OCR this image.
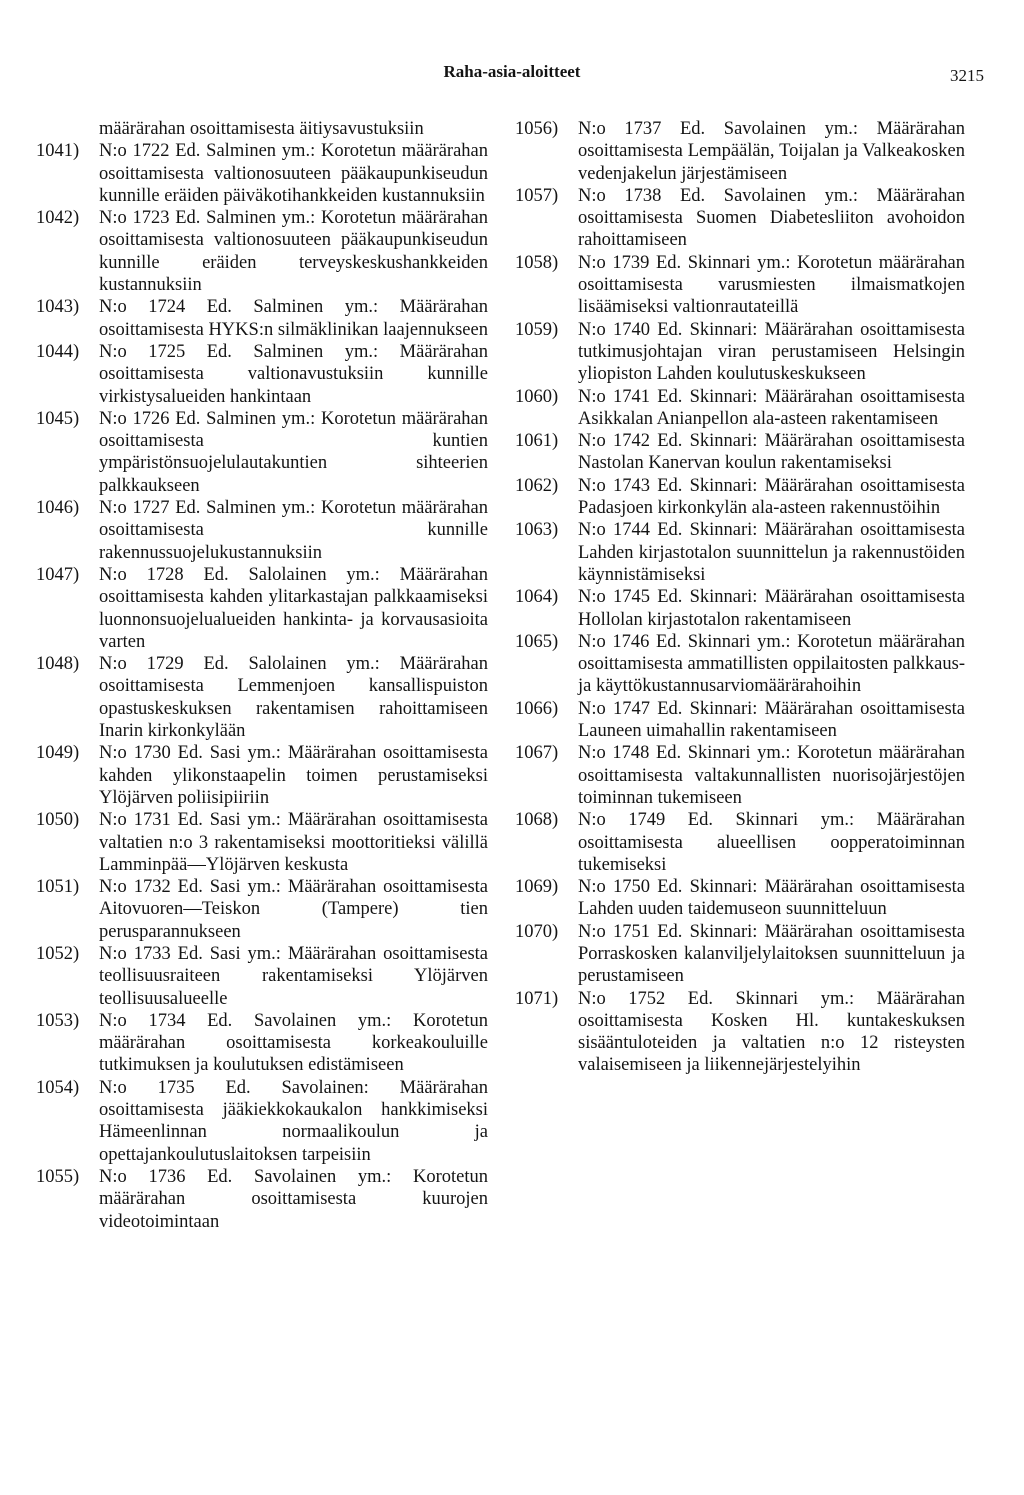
Raha-asia-aloitteet	3215
määrärahan osoittamisesta äitiysavustuksiin
1041)	N:o 1722 Ed. Salminen ym.: Korotetun määrärahan osoittamisesta valtionosuuteen pääkaupunkiseudun kunnille eräiden päiväkotihankkeiden kustannuksiin
1042)	N:o 1723 Ed. Salminen ym.: Korotetun määrärahan osoittamisesta valtionosuuteen pääkaupunkiseudun kunnille eräiden terveyskeskushankkeiden kustannuksiin
1043)	N:o 1724 Ed. Salminen ym.: Määrärahan osoittamisesta HYKS:n silmäklinikan laajennukseen
1044)	N:o 1725 Ed. Salminen ym.: Määrärahan osoittamisesta valtionavustuksiin kunnille virkistysalueiden hankintaan
1045)	N:o 1726 Ed. Salminen ym.: Korotetun määrärahan osoittamisesta kuntien ympäristönsuojelulautakuntien sihteerien palkkaukseen
1046)	N:o 1727 Ed. Salminen ym.: Korotetun määrärahan osoittamisesta kunnille rakennussuojelukustannuksiin
1047)	N:o 1728 Ed. Salolainen ym.: Määrärahan osoittamisesta kahden ylitarkastajan palkkaamiseksi luonnonsuojelualueiden hankinta- ja korvausasioita varten
1048)	N:o 1729 Ed. Salolainen ym.: Määrärahan osoittamisesta Lemmenjoen kansallispuiston opastuskeskuksen rakentamisen rahoittamiseen Inarin kirkonkylään
1049)	N:o 1730 Ed. Sasi ym.: Määrärahan osoittamisesta kahden ylikonstaapelin toimen perustamiseksi Ylöjärven poliisipiiriin
1050)	N:o 1731 Ed. Sasi ym.: Määrärahan osoittamisesta valtatien n:o 3 rakentamiseksi moottoritieksi välillä Lamminpää—Ylöjärven keskusta
1051)	N:o 1732 Ed. Sasi ym.: Määrärahan osoittamisesta Aitovuoren—Teiskon (Tampere) tien perusparannukseen
1052)	N:o 1733 Ed. Sasi ym.: Määrärahan osoittamisesta teollisuusraiteen rakentamiseksi Ylöjärven teollisuusalueelle
1053)	N:o 1734 Ed. Savolainen ym.: Korotetun määrärahan osoittamisesta korkeakouluille tutkimuksen ja koulutuksen edistämiseen
1054)	N:o 1735 Ed. Savolainen: Määrärahan osoittamisesta jääkiekkokaukalon hankkimiseksi Hämeenlinnan normaalikoulun ja opettajankoulutuslaitoksen tarpeisiin
1055)	N:o 1736 Ed. Savolainen ym.: Korotetun määrärahan osoittamisesta kuurojen videotoimintaan
1056)	N:o 1737 Ed. Savolainen ym.: Määrärahan osoittamisesta Lempäälän, Toijalan ja Valkeakosken vedenjakelun järjestämiseen
1057)	N:o 1738 Ed. Savolainen ym.: Määrärahan osoittamisesta Suomen Diabetesliiton avohoidon rahoittamiseen
1058)	N:o 1739 Ed. Skinnari ym.: Korotetun määrärahan osoittamisesta varusmiesten ilmaismatkojen lisäämiseksi valtionrautateillä
1059)	N:o 1740 Ed. Skinnari: Määrärahan osoittamisesta tutkimusjohtajan viran perustamiseen Helsingin yliopiston Lahden koulutuskeskukseen
1060)	N:o 1741 Ed. Skinnari: Määrärahan osoittamisesta Asikkalan Anianpellon ala-asteen rakentamiseen
1061)	N:o 1742 Ed. Skinnari: Määrärahan osoittamisesta Nastolan Kanervan koulun rakentamiseksi
1062)	N:o 1743 Ed. Skinnari: Määrärahan osoittamisesta Padasjoen kirkonkylän ala-asteen rakennustöihin
1063)	N:o 1744 Ed. Skinnari: Määrärahan osoittamisesta Lahden kirjastotalon suunnittelun ja rakennustöiden käynnistämiseksi
1064)	N:o 1745 Ed. Skinnari: Määrärahan osoittamisesta Hollolan kirjastotalon rakentamiseen
1065)	N:o 1746 Ed. Skinnari ym.: Korotetun määrärahan osoittamisesta ammatillisten oppilaitosten palkkaus- ja käyttökustannusarviomäärärahoihin
1066)	N:o 1747 Ed. Skinnari: Määrärahan osoittamisesta Launeen uimahallin rakentamiseen
1067)	N:o 1748 Ed. Skinnari ym.: Korotetun määrärahan osoittamisesta valtakunnallisten nuorisojärjestöjen toiminnan tukemiseen
1068)	N:o 1749 Ed. Skinnari ym.: Määrärahan osoittamisesta alueellisen oopperatoiminnan tukemiseksi
1069)	N:o 1750 Ed. Skinnari: Määrärahan osoittamisesta Lahden uuden taidemuseon suunnitteluun
1070)	N:o 1751 Ed. Skinnari: Määrärahan osoittamisesta Porraskosken kalanviljelylaitoksen suunnitteluun ja perustamiseen
1071)	N:o 1752 Ed. Skinnari ym.: Määrärahan osoittamisesta Kosken Hl. kuntakeskuksen sisääntuloteiden ja valtatien n:o 12 risteysten valaisemiseen ja liikennejärjestelyihin
